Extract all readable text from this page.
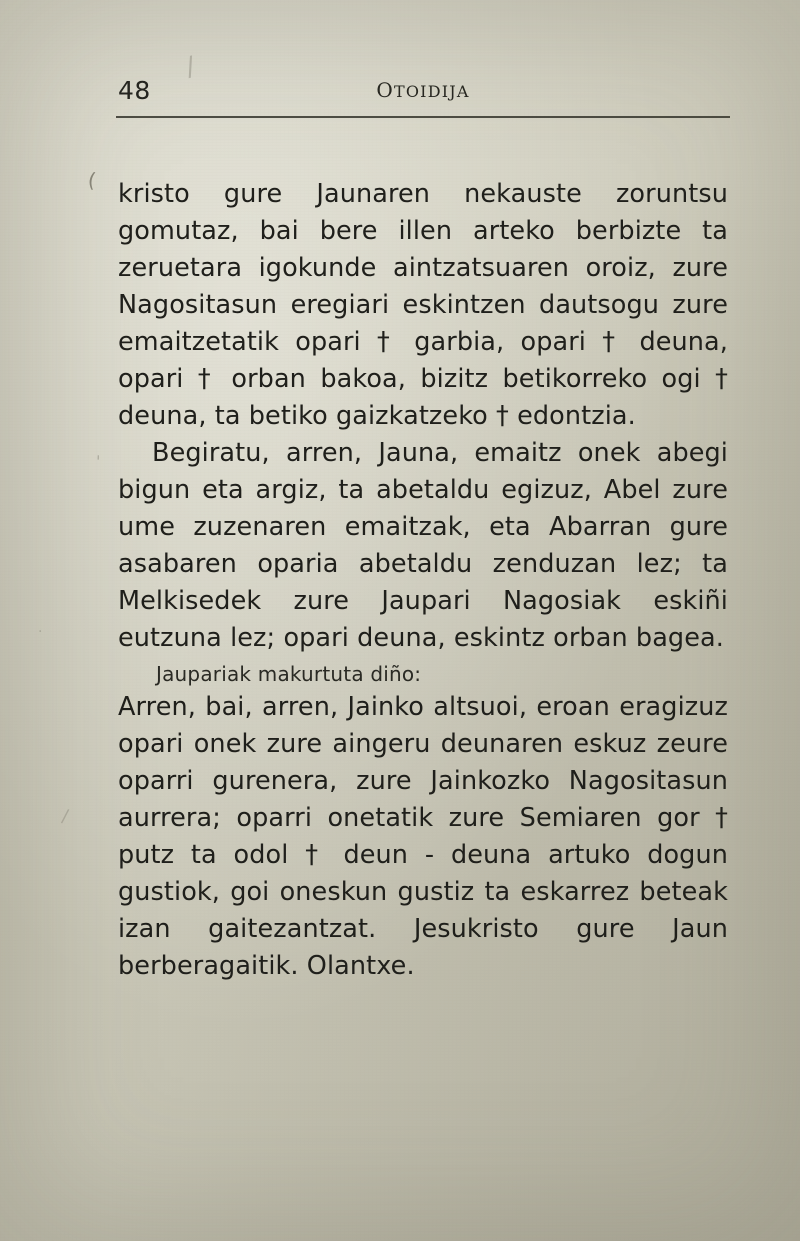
/
(
'
.
/
48	OTOIDIJA

kristo gure Jaunaren nekauste zoruntsu gomutaz, bai bere illen arteko berbizte ta zeruetara igokunde aintzatsuaren oroiz, zure Nagositasun eregiari eskintzen dautsogu zure emaitzetatik opari † garbia, opari † deuna, opari † orban bakoa, bizitz betikorreko ogi † deuna, ta betiko gaizkatzeko † edontzia.

Begiratu, arren, Jauna, emaitz onek abegi bigun eta argiz, ta abetaldu egizuz, Abel zure ume zuzenaren emaitzak, eta Abarran gure asabaren oparia abetaldu zenduzan lez; ta Melkisedek zure Jaupari Nagosiak eskiñi eutzuna lez; opari deuna, eskintz orban bagea.

Jaupariak makurtuta diño:

Arren, bai, arren, Jainko altsuoi, eroan eragizuz opari onek zure aingeru deunaren eskuz zeure oparri gurenera, zure Jainkozko Nagositasun aurrera; oparri onetatik zure Semiaren gor † putz ta odol † deun - deuna artuko dogun gustiok, goi oneskun gustiz ta eskarrez beteak izan gaitezantzat. Jesukristo gure Jaun berberagaitik. Olantxe.
